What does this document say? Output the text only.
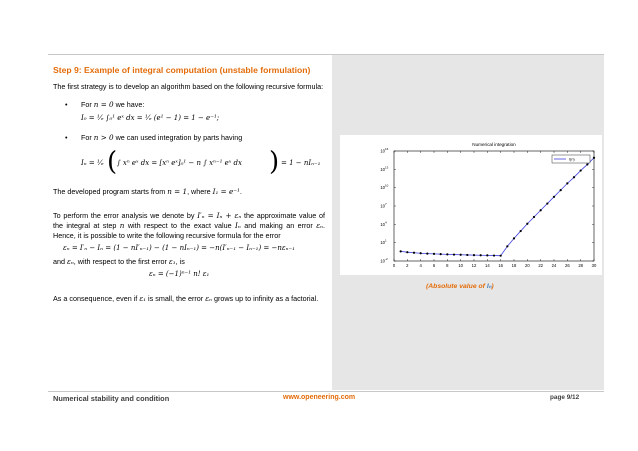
Step 9: Example of integral computation (unstable formulation)

The first strategy is to develop an algorithm based on the following recursive formula:

• For n = 0 we have:
I₀ = ¹⁄ₑ ∫₀¹ eˣ dx = ¹⁄ₑ (e¹ − 1) = 1 − e⁻¹;
• For n > 0 we can used integration by parts having
Iₙ = ¹⁄ₑ ( ∫ xⁿ eˣ dx = [xⁿ eˣ]₀¹ − n ∫ xⁿ⁻¹ eˣ dx ) = 1 − nIₙ₋₁

The developed program starts from n = 1, where I₁ = e⁻¹.

To perform the error analysis we denote by I′ₙ = Iₙ + εₙ the approximate value of the integral at step n with respect to the exact value Iₙ and making an error εₙ. Hence, it is possible to write the following recursive formula for the error

εₙ = I′ₙ − Iₙ = (1 − nI′ₙ₋₁) − (1 − nIₙ₋₁) = −n(I′ₙ₋₁ − Iₙ₋₁) = −nεₙ₋₁

and εₙ, with respect to the first error ε₁, is

εₙ = (−1)ⁿ⁻¹ n! ε₁

As a consequence, even if ε₁ is small, the error εₙ grows up to infinity as a factorial.

Numerical integration
0	2	4	6	8 10 12 14 16 18 20 22 24 26 28 30
10 -2
10 1
10 4
10 7
10 10
10 13
10 16
I(n)
(Absolute value of Iₙ)
Numerical stability and condition	www.openeering.com	page 9/12
